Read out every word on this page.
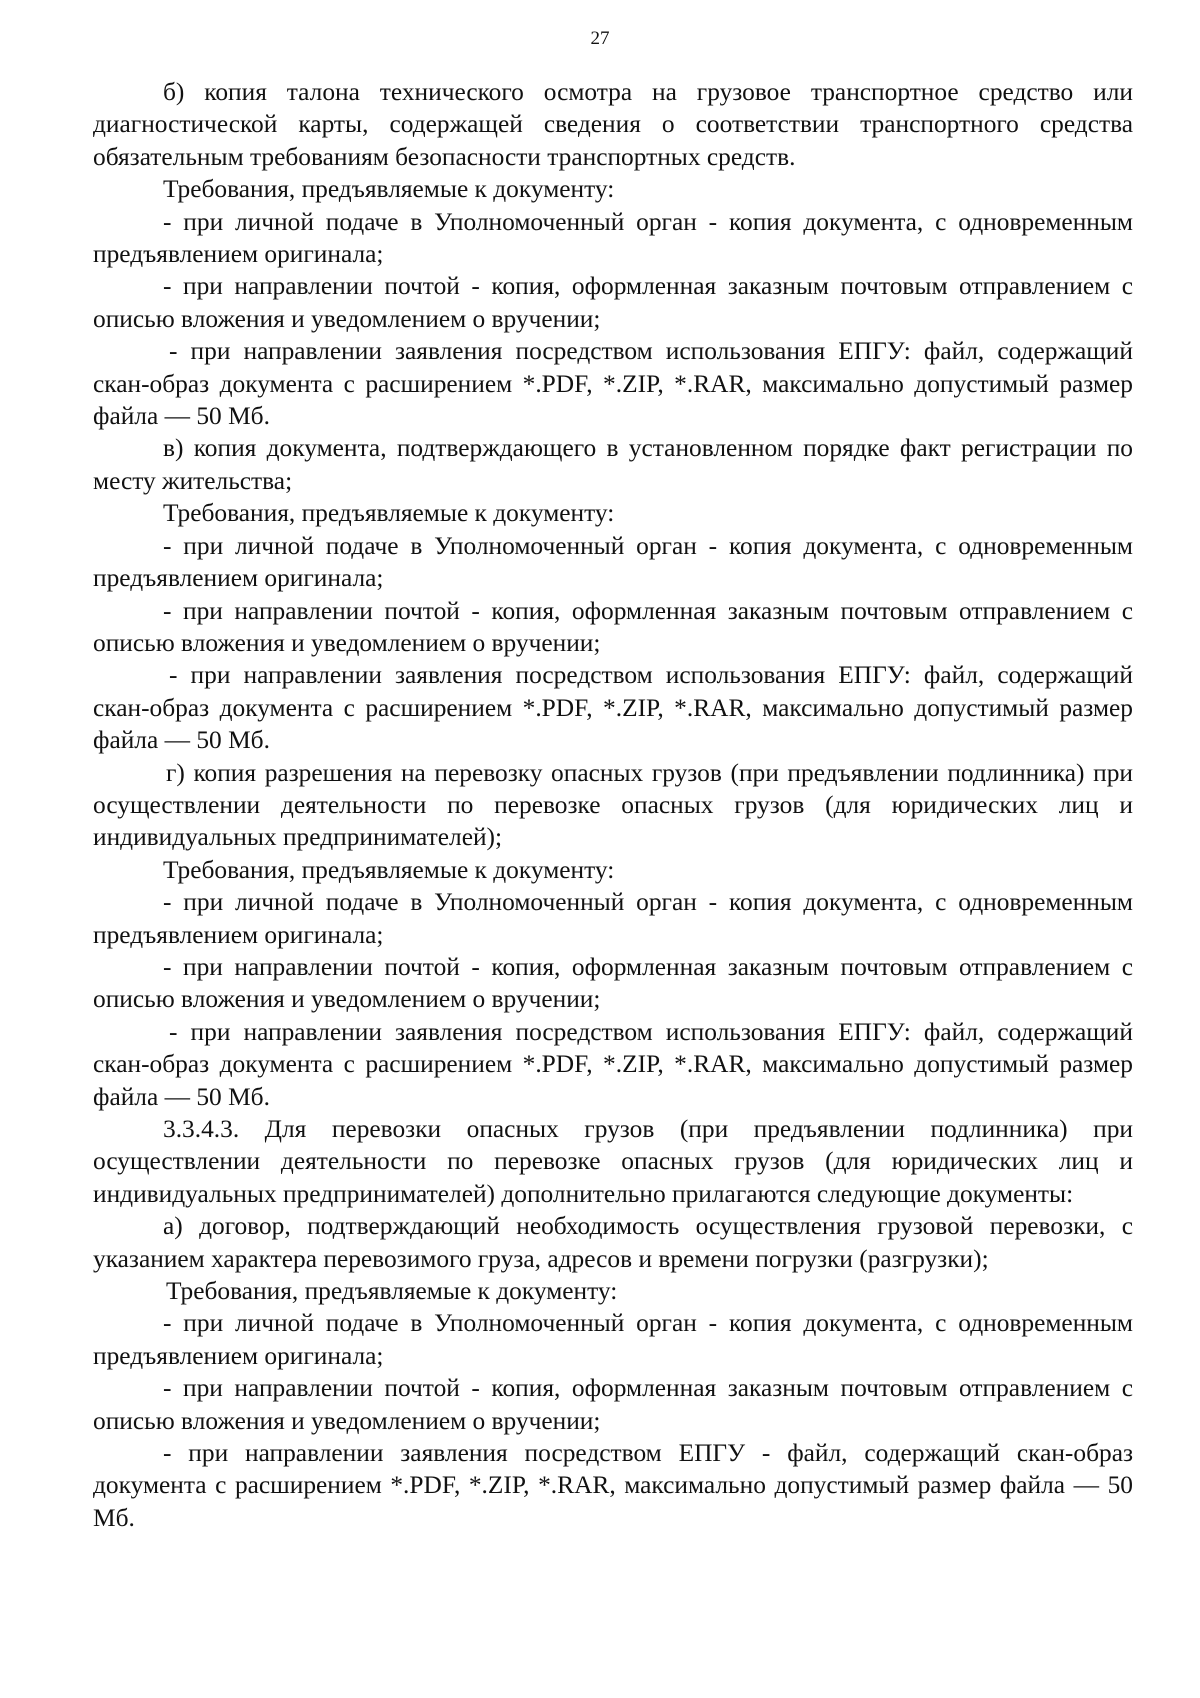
27

б) копия талона технического осмотра на грузовое транспортное средство или диагностической карты, содержащей сведения о соответствии транспортного средства обязательным требованиям безопасности транспортных средств.

Требования, предъявляемые к документу:

- при личной подаче в Уполномоченный орган - копия документа, с одновременным предъявлением оригинала;

- при направлении почтой - копия, оформленная заказным почтовым отправлением с описью вложения и уведомлением о вручении;

- при направлении заявления посредством использования ЕПГУ: файл, содержащий скан-образ документа с расширением *.PDF, *.ZIP, *.RAR, максимально допустимый размер файла — 50 Мб.

в) копия документа, подтверждающего в установленном порядке факт регистрации по месту жительства;

Требования, предъявляемые к документу:

- при личной подаче в Уполномоченный орган - копия документа, с одновременным предъявлением оригинала;

- при направлении почтой - копия, оформленная заказным почтовым отправлением с описью вложения и уведомлением о вручении;

- при направлении заявления посредством использования ЕПГУ: файл, содержащий скан-образ документа с расширением *.PDF, *.ZIP, *.RAR, максимально допустимый размер файла — 50 Мб.

г) копия разрешения на перевозку опасных грузов (при предъявлении подлинника) при осуществлении деятельности по перевозке опасных грузов (для юридических лиц и индивидуальных предпринимателей);

Требования, предъявляемые к документу:

- при личной подаче в Уполномоченный орган - копия документа, с одновременным предъявлением оригинала;

- при направлении почтой - копия, оформленная заказным почтовым отправлением с описью вложения и уведомлением о вручении;

- при направлении заявления посредством использования ЕПГУ: файл, содержащий скан-образ документа с расширением *.PDF, *.ZIP, *.RAR, максимально допустимый размер файла — 50 Мб.

3.3.4.3. Для перевозки опасных грузов (при предъявлении подлинника) при осуществлении деятельности по перевозке опасных грузов (для юридических лиц и индивидуальных предпринимателей) дополнительно прилагаются следующие документы:

а) договор, подтверждающий необходимость осуществления грузовой перевозки, с указанием характера перевозимого груза, адресов и времени погрузки (разгрузки);

Требования, предъявляемые к документу:

- при личной подаче в Уполномоченный орган - копия документа, с одновременным предъявлением оригинала;

- при направлении почтой - копия, оформленная заказным почтовым отправлением с описью вложения и уведомлением о вручении;

- при направлении заявления посредством ЕПГУ - файл, содержащий скан-образ документа с расширением *.PDF, *.ZIP, *.RAR, максимально допустимый размер файла — 50 Мб.
